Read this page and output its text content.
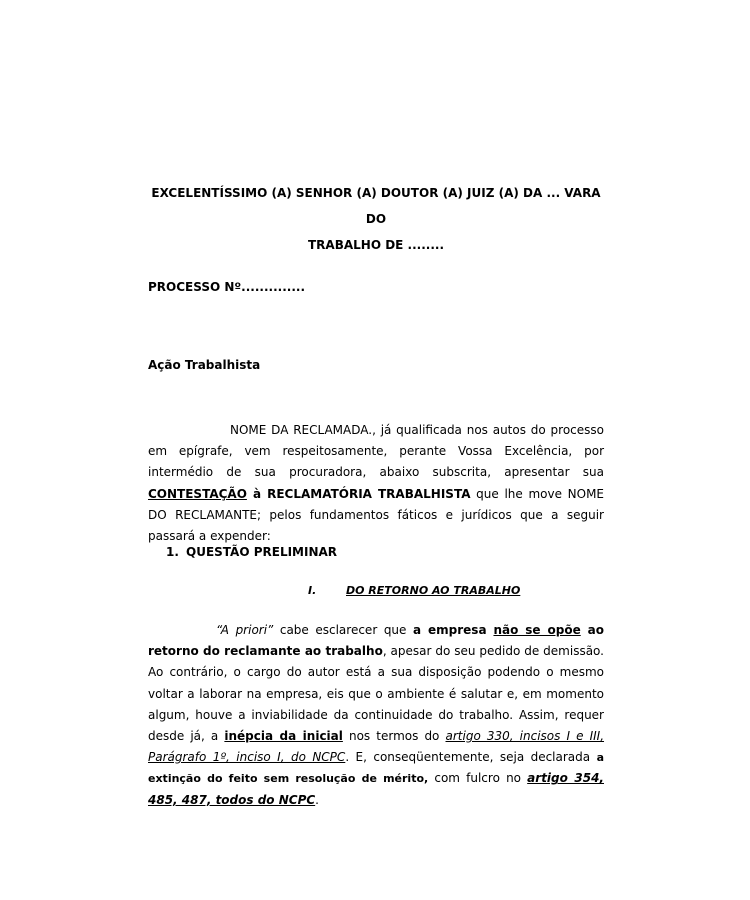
EXCELENTÍSSIMO (A) SENHOR (A) DOUTOR (A) JUIZ (A) DA ... VARA DO
TRABALHO DE ........
PROCESSO Nº..............
Ação Trabalhista
NOME DA RECLAMADA., já qualificada nos autos do processo em epígrafe, vem respeitosamente, perante Vossa Excelência, por intermédio de sua procuradora, abaixo subscrita, apresentar sua CONTESTAÇÃO à RECLAMATÓRIA TRABALHISTA que lhe move NOME DO RECLAMANTE; pelos fundamentos fáticos e jurídicos que a seguir passará a expender:
1. QUESTÃO PRELIMINAR
I.	DO RETORNO AO TRABALHO
“A priori” cabe esclarecer que a empresa não se opõe ao retorno do reclamante ao trabalho, apesar do seu pedido de demissão. Ao contrário, o cargo do autor está a sua disposição podendo o mesmo voltar a laborar na empresa, eis que o ambiente é salutar e, em momento algum, houve a inviabilidade da continuidade do trabalho. Assim, requer desde já, a inépcia da inicial nos termos do artigo 330, incisos I e III, Parágrafo 1º, inciso I, do NCPC. E, conseqüentemente, seja declarada a extinção do feito sem resolução de mérito, com fulcro no artigo 354, 485, 487, todos do NCPC.
